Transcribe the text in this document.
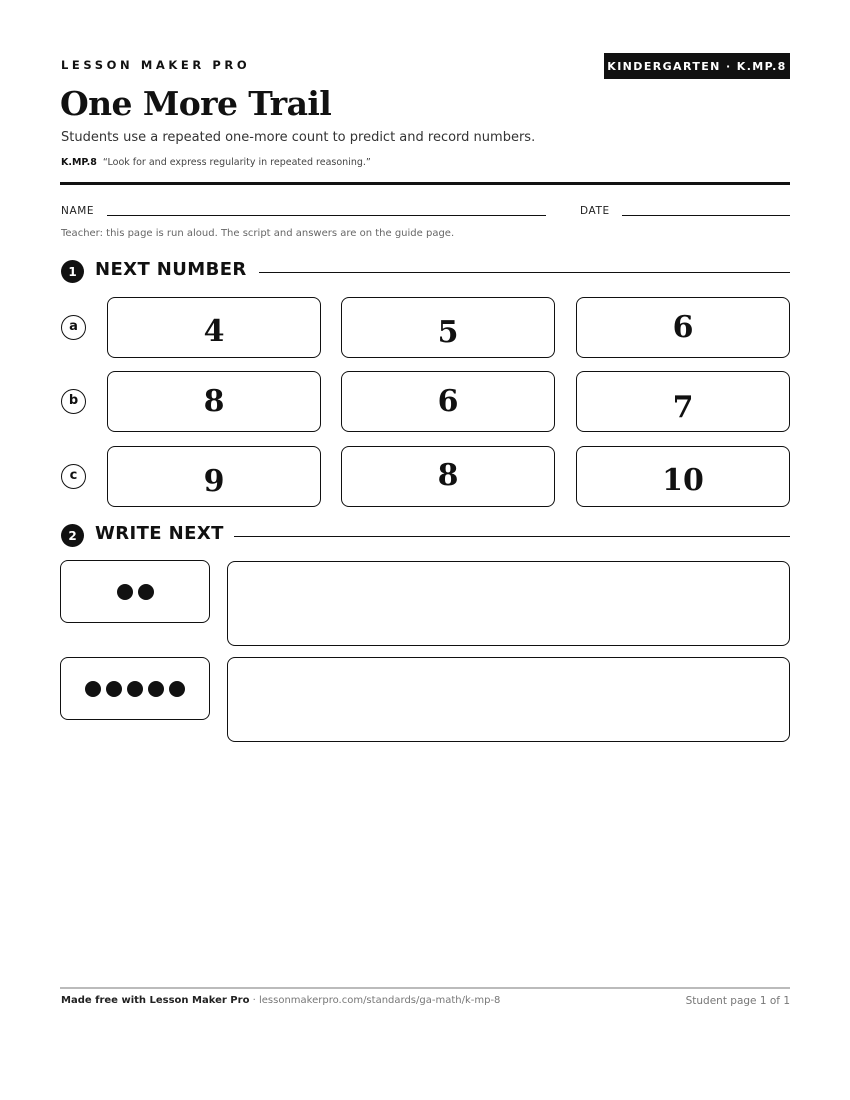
LESSON MAKER PRO	KINDERGARTEN · K.MP.8
One More Trail
Students use a repeated one-more count to predict and record numbers.
K.MP.8 “Look for and express regularity in repeated reasoning.”
NAME	DATE
Teacher: this page is run aloud. The script and answers are on the guide page.
1	NEXT NUMBER
a	4	5	6
b	8	6	7
c	9	8	10
2	WRITE NEXT
Made free with Lesson Maker Pro · lessonmakerpro.com/standards/ga-math/k-mp-8	Student page 1 of 1
